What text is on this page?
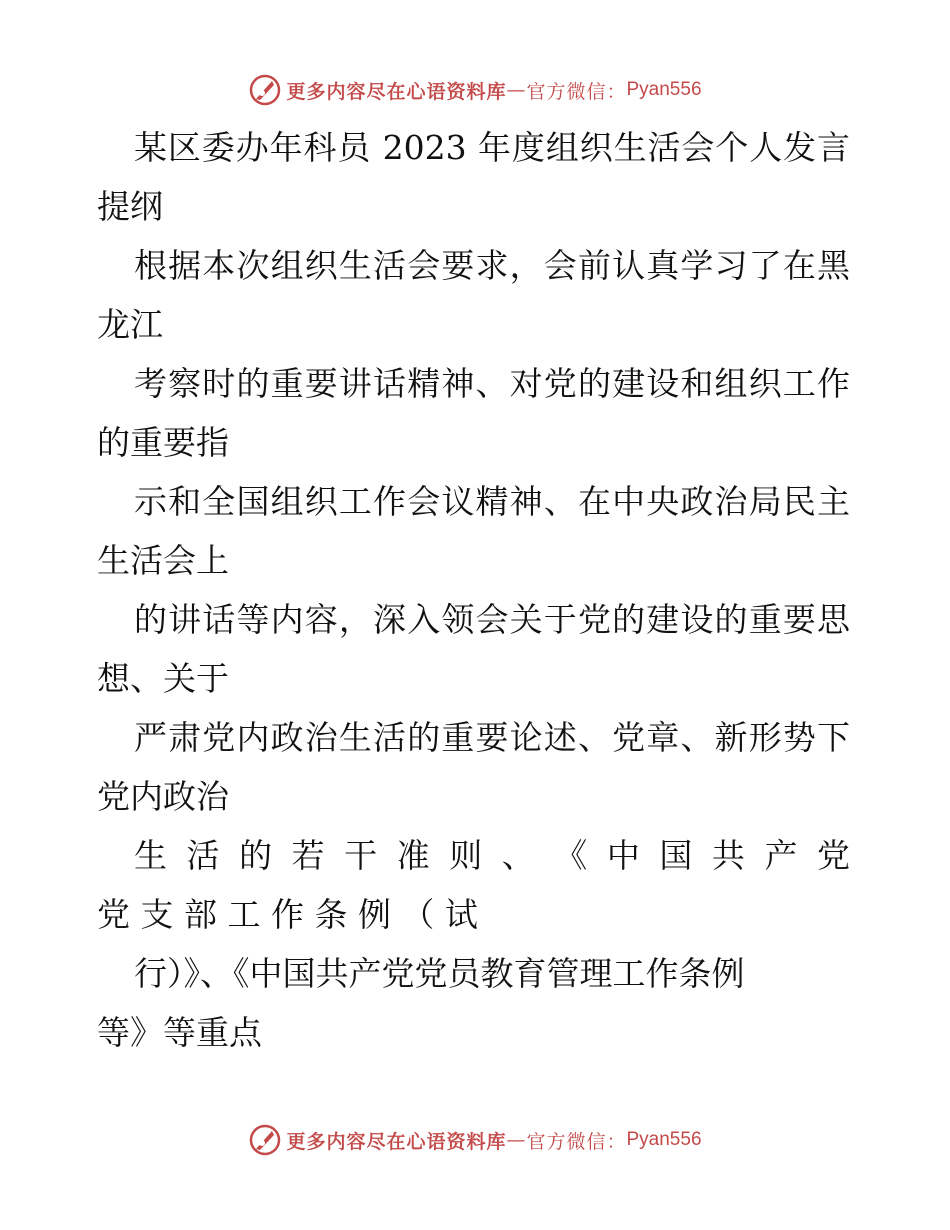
更多内容尽在心语资料库 — 官方微信： Pyan556
某区委办年科员 2023 年度组织生活会个人发言
提纲
根据本次组织生活会要求，会前认真学习了在黑
龙江
考察时的重要讲话精神、对党的建设和组织工作
的重要指
示和全国组织工作会议精神、在中央政治局民主
生活会上
的讲话等内容，深入领会关于党的建设的重要思
想、关于
严肃党内政治生活的重要论述、党章、新形势下
党内政治
生 活 的 若 干 准 则 、 《 中 国 共 产 党
党 支 部 工 作 条 例 （ 试
行）》、《中国共产党党员教育管理工作条例
等》等重点
更多内容尽在心语资料库 — 官方微信： Pyan556
